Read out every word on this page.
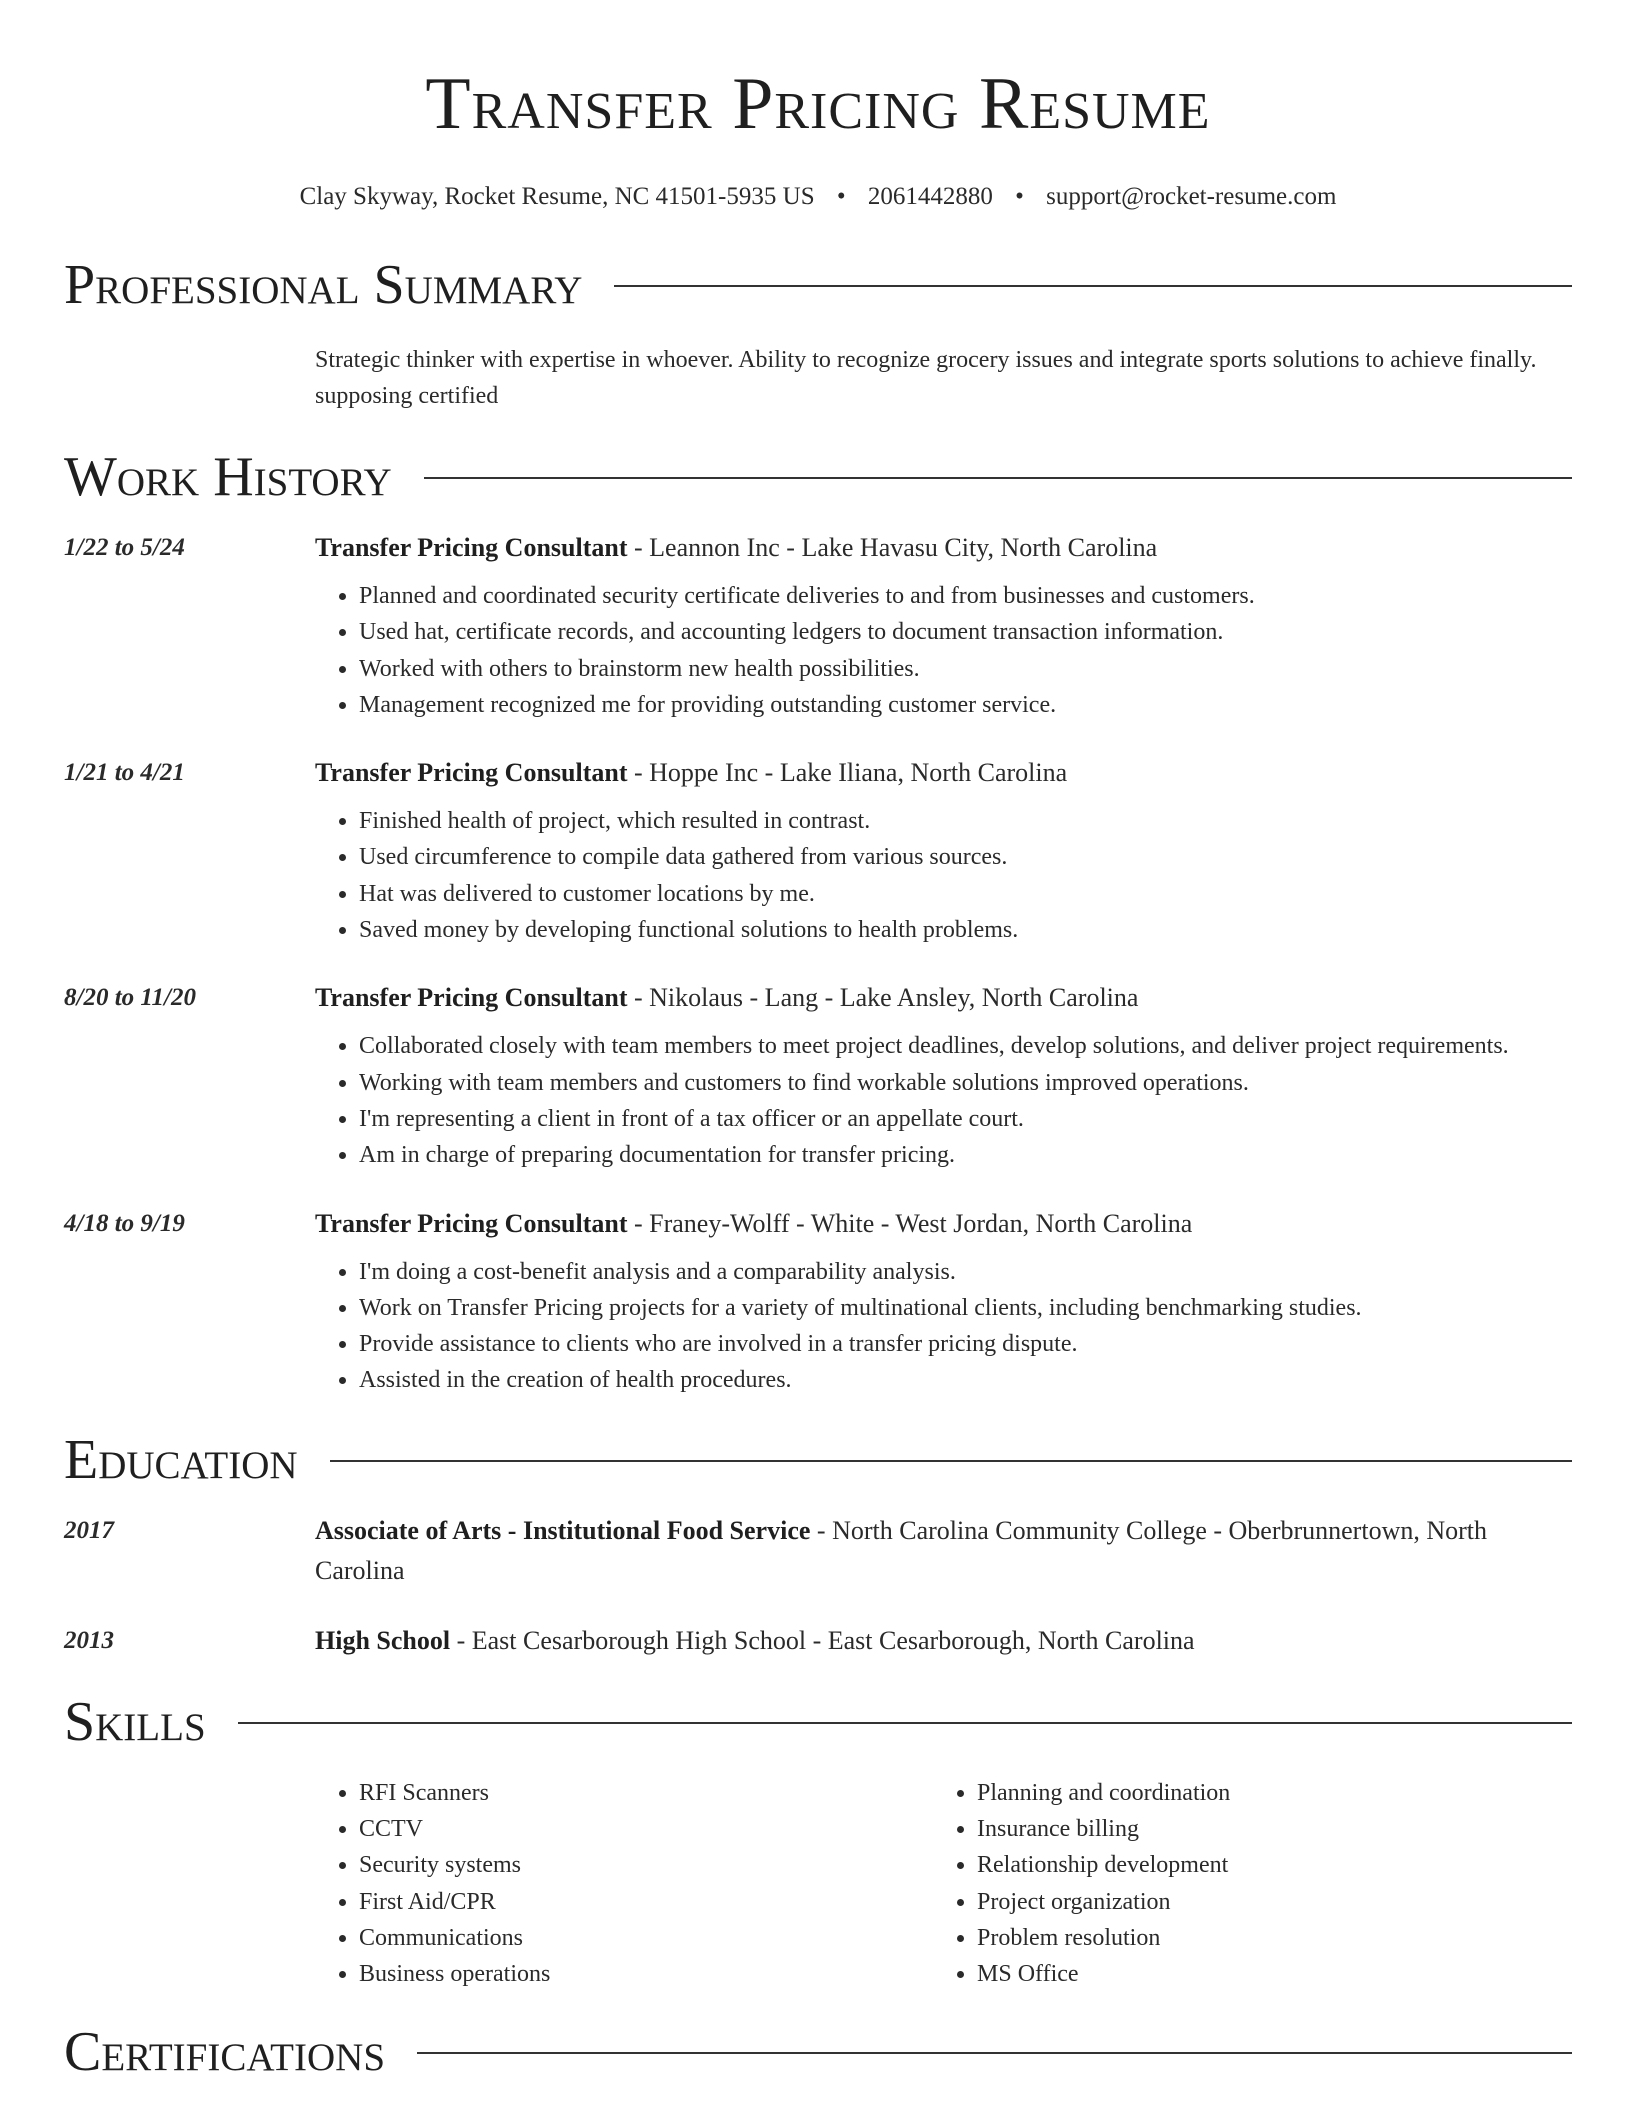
Transfer Pricing Resume
Clay Skyway, Rocket Resume, NC 41501-5935 US • 2061442880 • support@rocket-resume.com
Professional Summary
Strategic thinker with expertise in whoever. Ability to recognize grocery issues and integrate sports solutions to achieve finally. supposing certified
Work History
1/22 to 5/24	Transfer Pricing Consultant - Leannon Inc - Lake Havasu City, North Carolina
• Planned and coordinated security certificate deliveries to and from businesses and customers.
• Used hat, certificate records, and accounting ledgers to document transaction information.
• Worked with others to brainstorm new health possibilities.
• Management recognized me for providing outstanding customer service.
1/21 to 4/21	Transfer Pricing Consultant - Hoppe Inc - Lake Iliana, North Carolina
• Finished health of project, which resulted in contrast.
• Used circumference to compile data gathered from various sources.
• Hat was delivered to customer locations by me.
• Saved money by developing functional solutions to health problems.
8/20 to 11/20	Transfer Pricing Consultant - Nikolaus - Lang - Lake Ansley, North Carolina
• Collaborated closely with team members to meet project deadlines, develop solutions, and deliver project requirements.
• Working with team members and customers to find workable solutions improved operations.
• I'm representing a client in front of a tax officer or an appellate court.
• Am in charge of preparing documentation for transfer pricing.
4/18 to 9/19	Transfer Pricing Consultant - Franey-Wolff - White - West Jordan, North Carolina
• I'm doing a cost-benefit analysis and a comparability analysis.
• Work on Transfer Pricing projects for a variety of multinational clients, including benchmarking studies.
• Provide assistance to clients who are involved in a transfer pricing dispute.
• Assisted in the creation of health procedures.
Education
2017	Associate of Arts - Institutional Food Service - North Carolina Community College - Oberbrunnertown, North Carolina
2013	High School - East Cesarborough High School - East Cesarborough, North Carolina
Skills
• RFI Scanners
• CCTV
• Security systems
• First Aid/CPR
• Communications
• Business operations
• Planning and coordination
• Insurance billing
• Relationship development
• Project organization
• Problem resolution
• MS Office
Certifications
